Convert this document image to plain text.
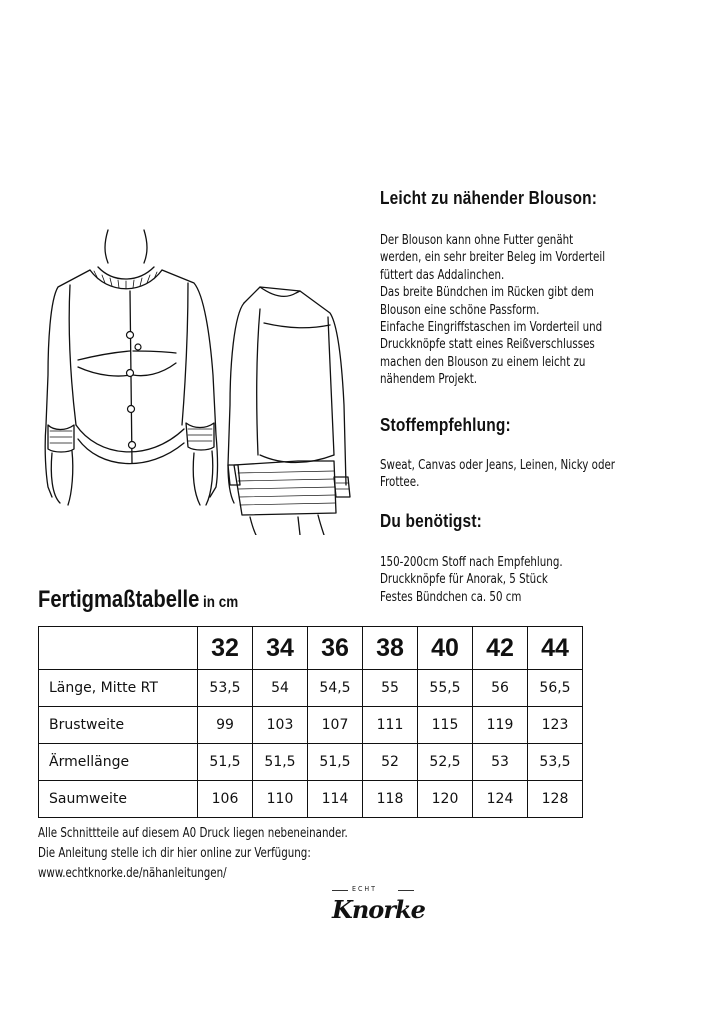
Leicht zu nähender Blouson:
Der Blouson kann ohne Futter genäht
werden, ein sehr breiter Beleg im Vorderteil
füttert das Addalinchen.
Das breite Bündchen im Rücken gibt dem
Blouson eine schöne Passform.
Einfache Eingriffstaschen im Vorderteil und
Druckknöpfe statt eines Reißverschlusses
machen den Blouson zu einem leicht zu
nähendem Projekt.
Stoffempfehlung:
Sweat, Canvas oder Jeans, Leinen, Nicky oder
Frottee.
Du benötigst:
150-200cm Stoff nach Empfehlung.
Druckknöpfe für Anorak, 5 Stück
Festes Bündchen ca. 50 cm
Fertigmaßtabelle in cm
	32	34	36	38	40	42	44
Länge, Mitte RT	53,5	54	54,5	55	55,5	56	56,5
Brustweite	99	103	107	111	115	119	123
Ärmellänge	51,5	51,5	51,5	52	52,5	53	53,5
Saumweite	106	110	114	118	120	124	128
Alle Schnittteile auf diesem A0 Druck liegen nebeneinander.
Die Anleitung stelle ich dir hier online zur Verfügung:
www.echtknorke.de/nähanleitungen/
ECHT
Knorke
